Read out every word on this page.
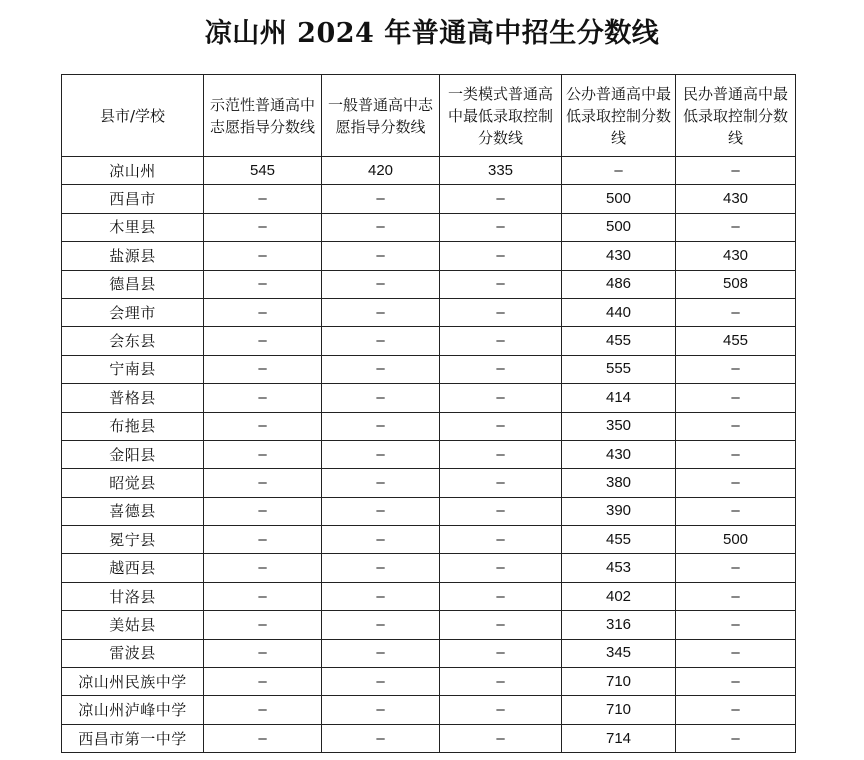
凉山州 2024 年普通高中招生分数线
县市/学校	示范性普通高中志愿指导分数线	一般普通高中志愿指导分数线	一类模式普通高中最低录取控制分数线	公办普通高中最低录取控制分数线	民办普通高中最低录取控制分数线
凉山州	545	420	335	–	–
西昌市	–	–	–	500	430
木里县	–	–	–	500	–
盐源县	–	–	–	430	430
德昌县	–	–	–	486	508
会理市	–	–	–	440	–
会东县	–	–	–	455	455
宁南县	–	–	–	555	–
普格县	–	–	–	414	–
布拖县	–	–	–	350	–
金阳县	–	–	–	430	–
昭觉县	–	–	–	380	–
喜德县	–	–	–	390	–
冕宁县	–	–	–	455	500
越西县	–	–	–	453	–
甘洛县	–	–	–	402	–
美姑县	–	–	–	316	–
雷波县	–	–	–	345	–
凉山州民族中学	–	–	–	710	–
凉山州泸峰中学	–	–	–	710	–
西昌市第一中学	–	–	–	714	–
